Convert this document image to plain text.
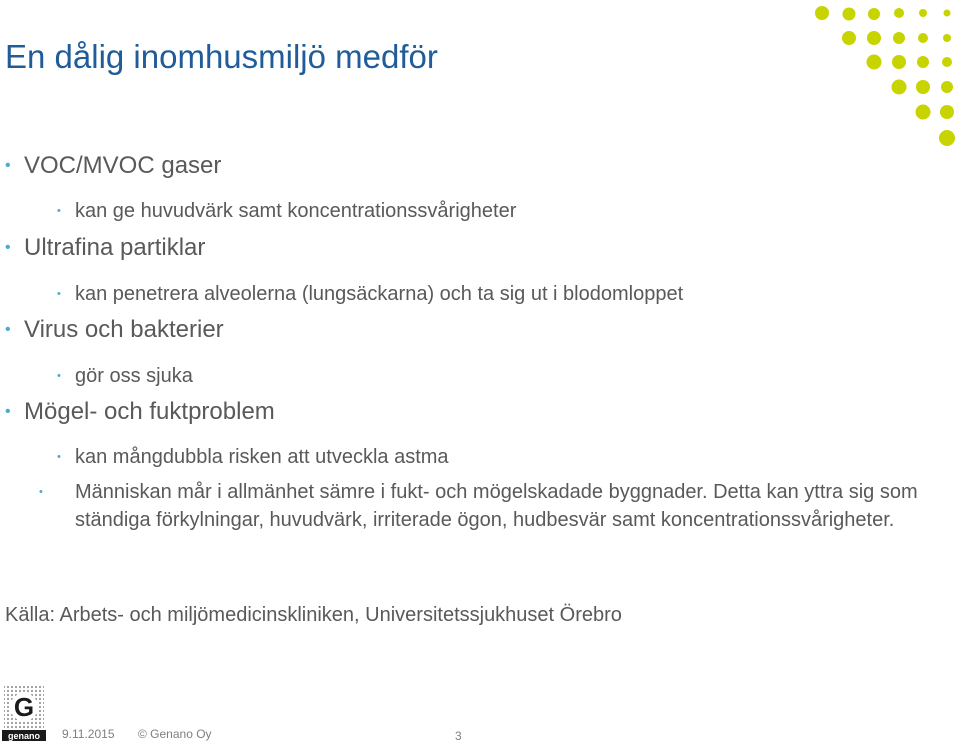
En dålig inomhusmiljö medför
• VOC/MVOC gaser
• kan ge huvudvärk samt koncentrationssvårigheter
• Ultrafina partiklar
• kan penetrera alveolerna (lungsäckarna) och ta sig ut i blodomloppet
• Virus och bakterier
• gör oss sjuka
• Mögel- och fuktproblem
• kan mångdubbla risken att utveckla astma
• Människan mår i allmänhet sämre i fukt- och mögelskadade byggnader. Detta kan yttra sig som ständiga förkylningar, huvudvärk, irriterade ögon, hudbesvär samt koncentrationssvårigheter.
Källa: Arbets- och miljömedicinskliniken, Universitetssjukhuset Örebro
G
genano 9.11.2015 © Genano Oy	3
